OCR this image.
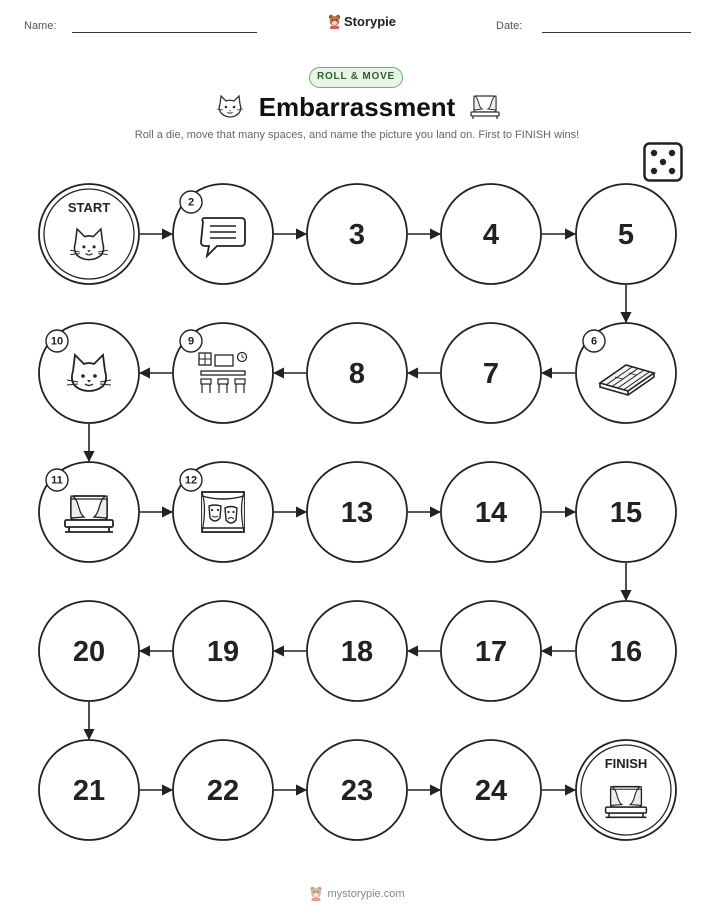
Name:	Storypie	Date:
ROLL & MOVE
Embarrassment
Roll a die, move that many spaces, and name the picture you land on. First to FINISH wins!
START	2
3	4	5
6
7
8
9
10
11	12
13	14	15
16
17
18
19
20
21	22	23	24
FINISH
mystorypie.com
